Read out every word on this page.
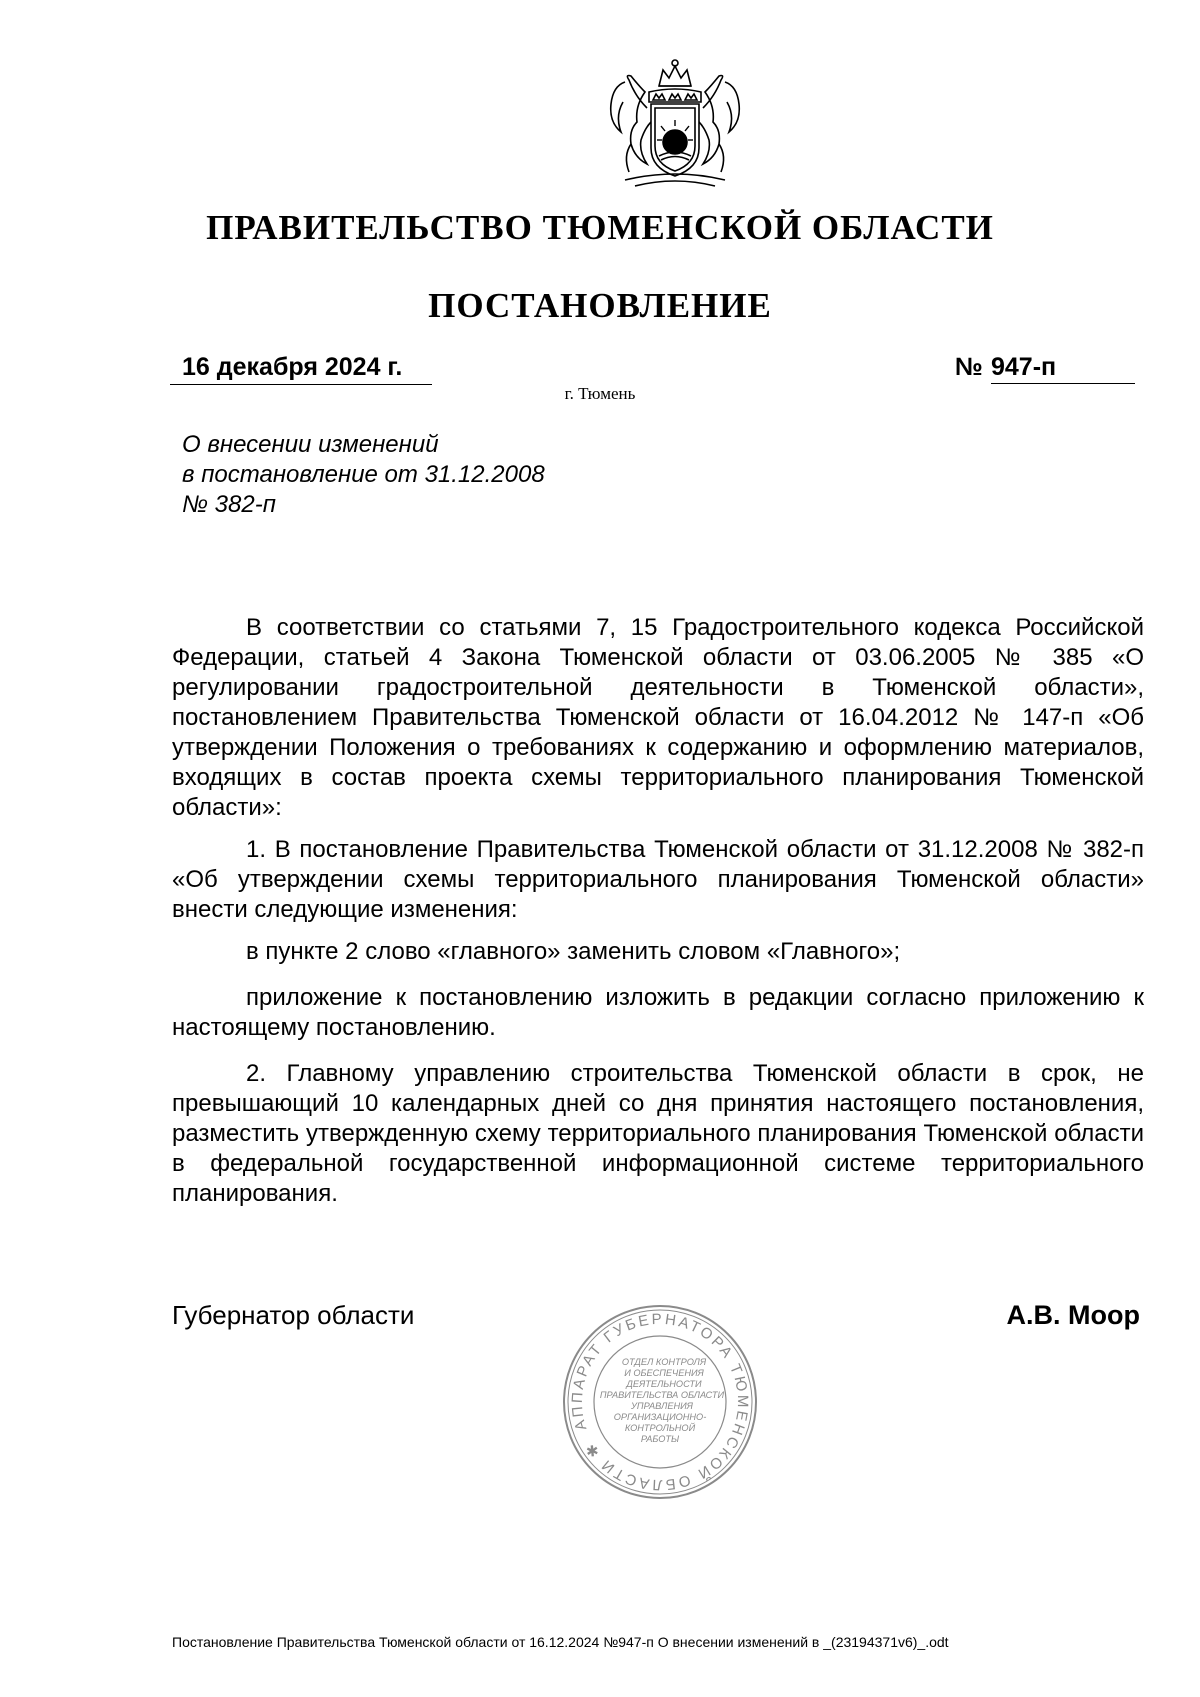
ПРАВИТЕЛЬСТВО ТЮМЕНСКОЙ ОБЛАСТИ
ПОСТАНОВЛЕНИЕ
16 декабря 2024 г.	№ 947-п
г. Тюмень
О внесении изменений
в постановление от 31.12.2008
№ 382-п

В соответствии со статьями 7, 15 Градостроительного кодекса Российской Федерации, статьей 4 Закона Тюменской области от 03.06.2005 № 385 «О регулировании градостроительной деятельности в Тюменской области», постановлением Правительства Тюменской области от 16.04.2012 № 147-п «Об утверждении Положения о требованиях к содержанию и оформлению материалов, входящих в состав проекта схемы территориального планирования Тюменской области»:

1. В постановление Правительства Тюменской области от 31.12.2008 № 382-п «Об утверждении схемы территориального планирования Тюменской области» внести следующие изменения:

в пункте 2 слово «главного» заменить словом «Главного»;

приложение к постановлению изложить в редакции согласно приложению к настоящему постановлению.

2. Главному управлению строительства Тюменской области в срок, не превышающий 10 календарных дней со дня принятия настоящего постановления, разместить утвержденную схему территориального планирования Тюменской области в федеральной государственной информационной системе территориального планирования.

Губернатор области	А.В. Моор
АППАРАТ ГУБЕРНАТОРА ТЮМЕНСКОЙ ОБЛАСТИ ✱
ОТДЕЛ КОНТРОЛЯ
И ОБЕСПЕЧЕНИЯ
ДЕЯТЕЛЬНОСТИ
ПРАВИТЕЛЬСТВА ОБЛАСТИ
УПРАВЛЕНИЯ
ОРГАНИЗАЦИОННО-
КОНТРОЛЬНОЙ
РАБОТЫ
Постановление Правительства Тюменской области от 16.12.2024 №947-п О внесении изменений в _(23194371v6)_.odt
